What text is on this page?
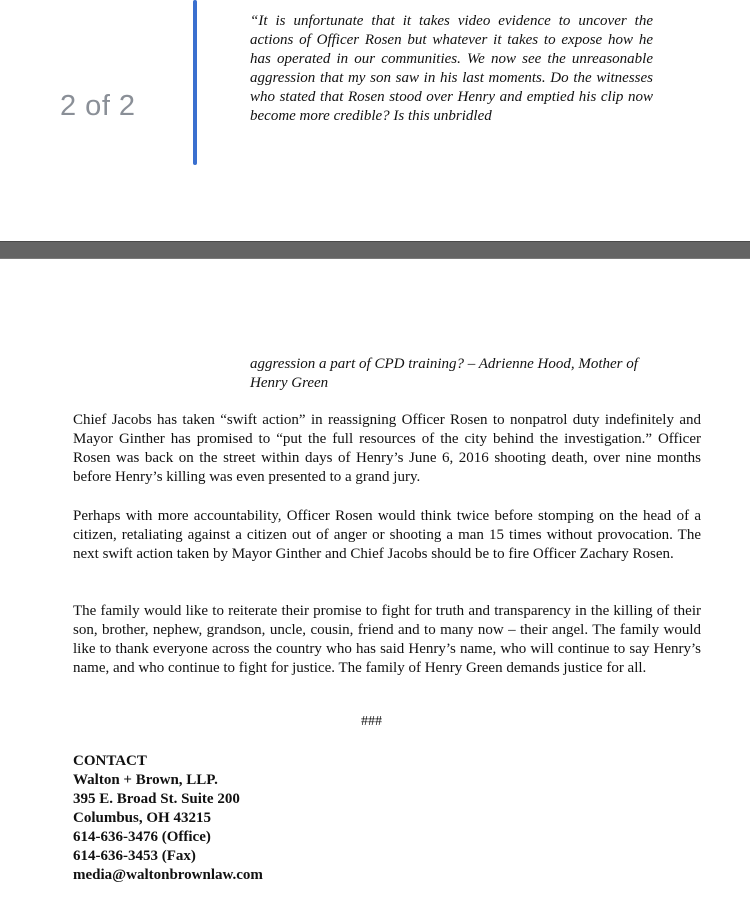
2 of 2

“It is unfortunate that it takes video evidence to uncover the actions of Officer Rosen but whatever it takes to expose how he has operated in our communities. We now see the unreasonable aggression that my son saw in his last moments. Do the witnesses who stated that Rosen stood over Henry and emptied his clip now become more credible? Is this unbridled

aggression a part of CPD training? – Adrienne Hood, Mother of Henry Green

Chief Jacobs has taken “swift action” in reassigning Officer Rosen to nonpatrol duty indefinitely and Mayor Ginther has promised to “put the full resources of the city behind the investigation.” Officer Rosen was back on the street within days of Henry’s June 6, 2016 shooting death, over nine months before Henry’s killing was even presented to a grand jury.

Perhaps with more accountability, Officer Rosen would think twice before stomping on the head of a citizen, retaliating against a citizen out of anger or shooting a man 15 times without provocation. The next swift action taken by Mayor Ginther and Chief Jacobs should be to fire Officer Zachary Rosen.

The family would like to reiterate their promise to fight for truth and transparency in the killing of their son, brother, nephew, grandson, uncle, cousin, friend and to many now – their angel. The family would like to thank everyone across the country who has said Henry’s name, who will continue to say Henry’s name, and who continue to fight for justice. The family of Henry Green demands justice for all.

###
CONTACT
Walton + Brown, LLP.
395 E. Broad St. Suite 200
Columbus, OH 43215
614-636-3476 (Office)
614-636-3453 (Fax)
media@waltonbrownlaw.com
